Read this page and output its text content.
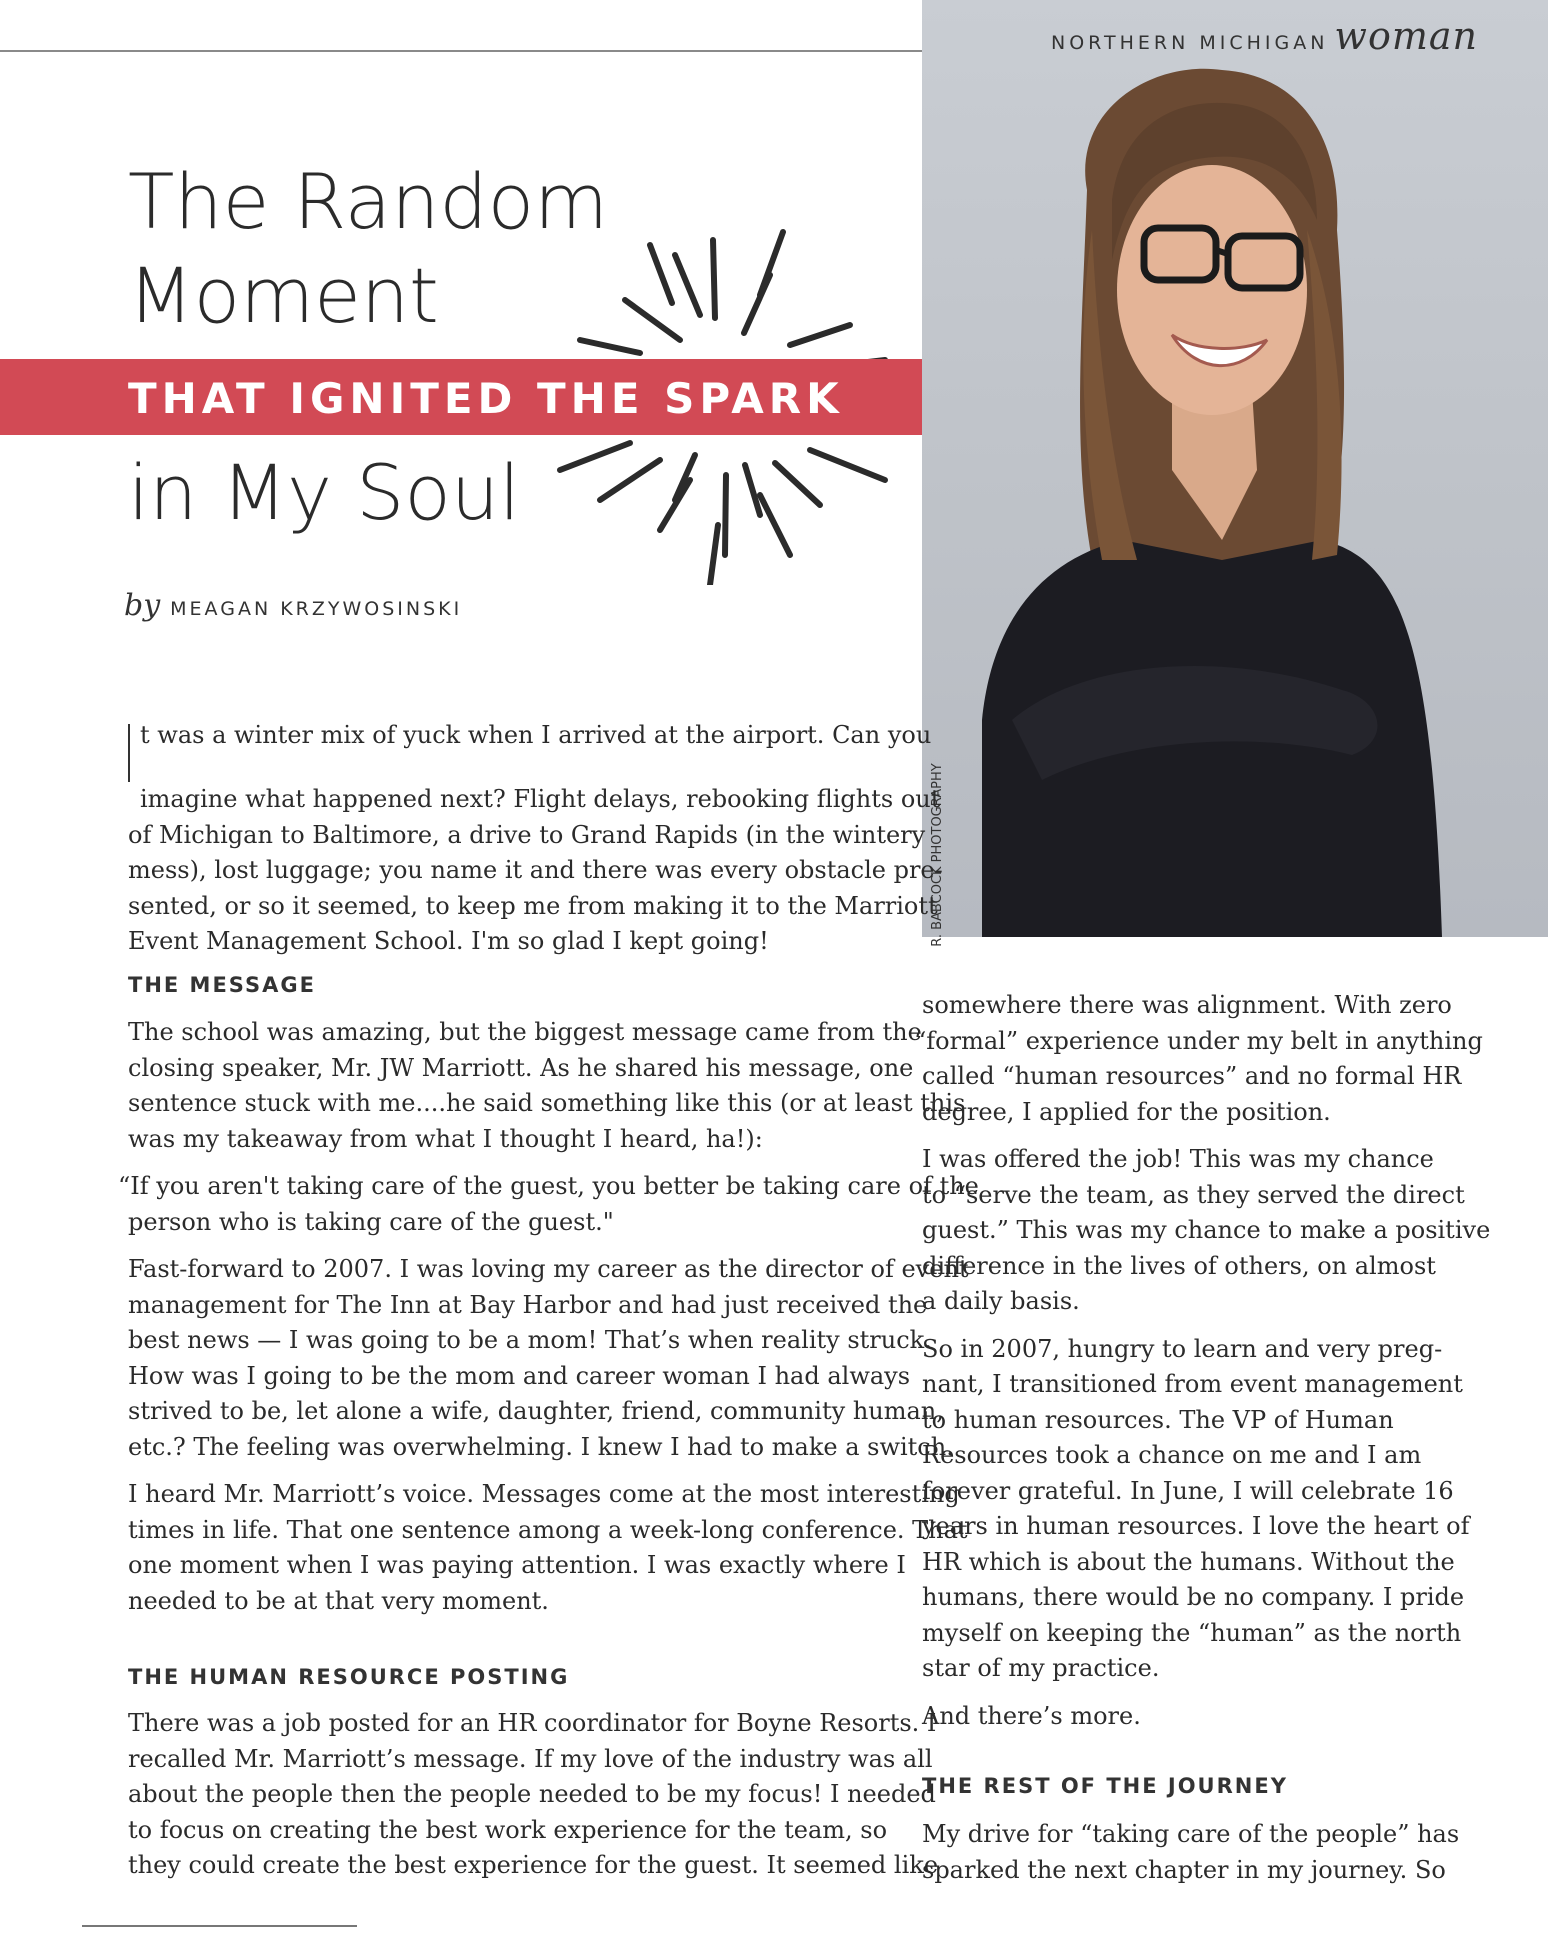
NORTHERN MICHIGAN woman
R. BABCOCK PHOTOGRAPHY
The Random
Moment
THAT IGNITED THE SPARK
in My Soul
by MEAGAN KRZYWOSINSKI

t was a winter mix of yuck when I arrived at the airport. Can you

imagine what happened next? Flight delays, rebooking flights out

of Michigan to Baltimore, a drive to Grand Rapids (in the wintery

mess), lost luggage; you name it and there was every obstacle pre-

sented, or so it seemed, to keep me from making it to the Marriott

Event Management School. I'm so glad I kept going!

THE MESSAGE

The school was amazing, but the biggest message came from the

closing speaker, Mr. JW Marriott. As he shared his message, one

sentence stuck with me....he said something like this (or at least this

was my takeaway from what I thought I heard, ha!):

“If you aren't taking care of the guest, you better be taking care of the

person who is taking care of the guest."

Fast-forward to 2007. I was loving my career as the director of event

management for The Inn at Bay Harbor and had just received the

best news — I was going to be a mom! That’s when reality struck.

How was I going to be the mom and career woman I had always

strived to be, let alone a wife, daughter, friend, community human,

etc.? The feeling was overwhelming. I knew I had to make a switch.

I heard Mr. Marriott’s voice. Messages come at the most interesting

times in life. That one sentence among a week-long conference. That

one moment when I was paying attention. I was exactly where I

needed to be at that very moment.

THE HUMAN RESOURCE POSTING

There was a job posted for an HR coordinator for Boyne Resorts. I

recalled Mr. Marriott’s message. If my love of the industry was all

about the people then the people needed to be my focus! I needed

to focus on creating the best work experience for the team, so

they could create the best experience for the guest. It seemed like

somewhere there was alignment. With zero

“formal” experience under my belt in anything

called “human resources” and no formal HR

degree, I applied for the position.

I was offered the job! This was my chance

to “serve the team, as they served the direct

guest.” This was my chance to make a positive

difference in the lives of others, on almost

a daily basis.

So in 2007, hungry to learn and very preg-

nant, I transitioned from event management

to human resources. The VP of Human

Resources took a chance on me and I am

forever grateful. In June, I will celebrate 16

years in human resources. I love the heart of

HR which is about the humans. Without the

humans, there would be no company. I pride

myself on keeping the “human” as the north

star of my practice.

And there’s more.

THE REST OF THE JOURNEY

My drive for “taking care of the people” has

sparked the next chapter in my journey. So
